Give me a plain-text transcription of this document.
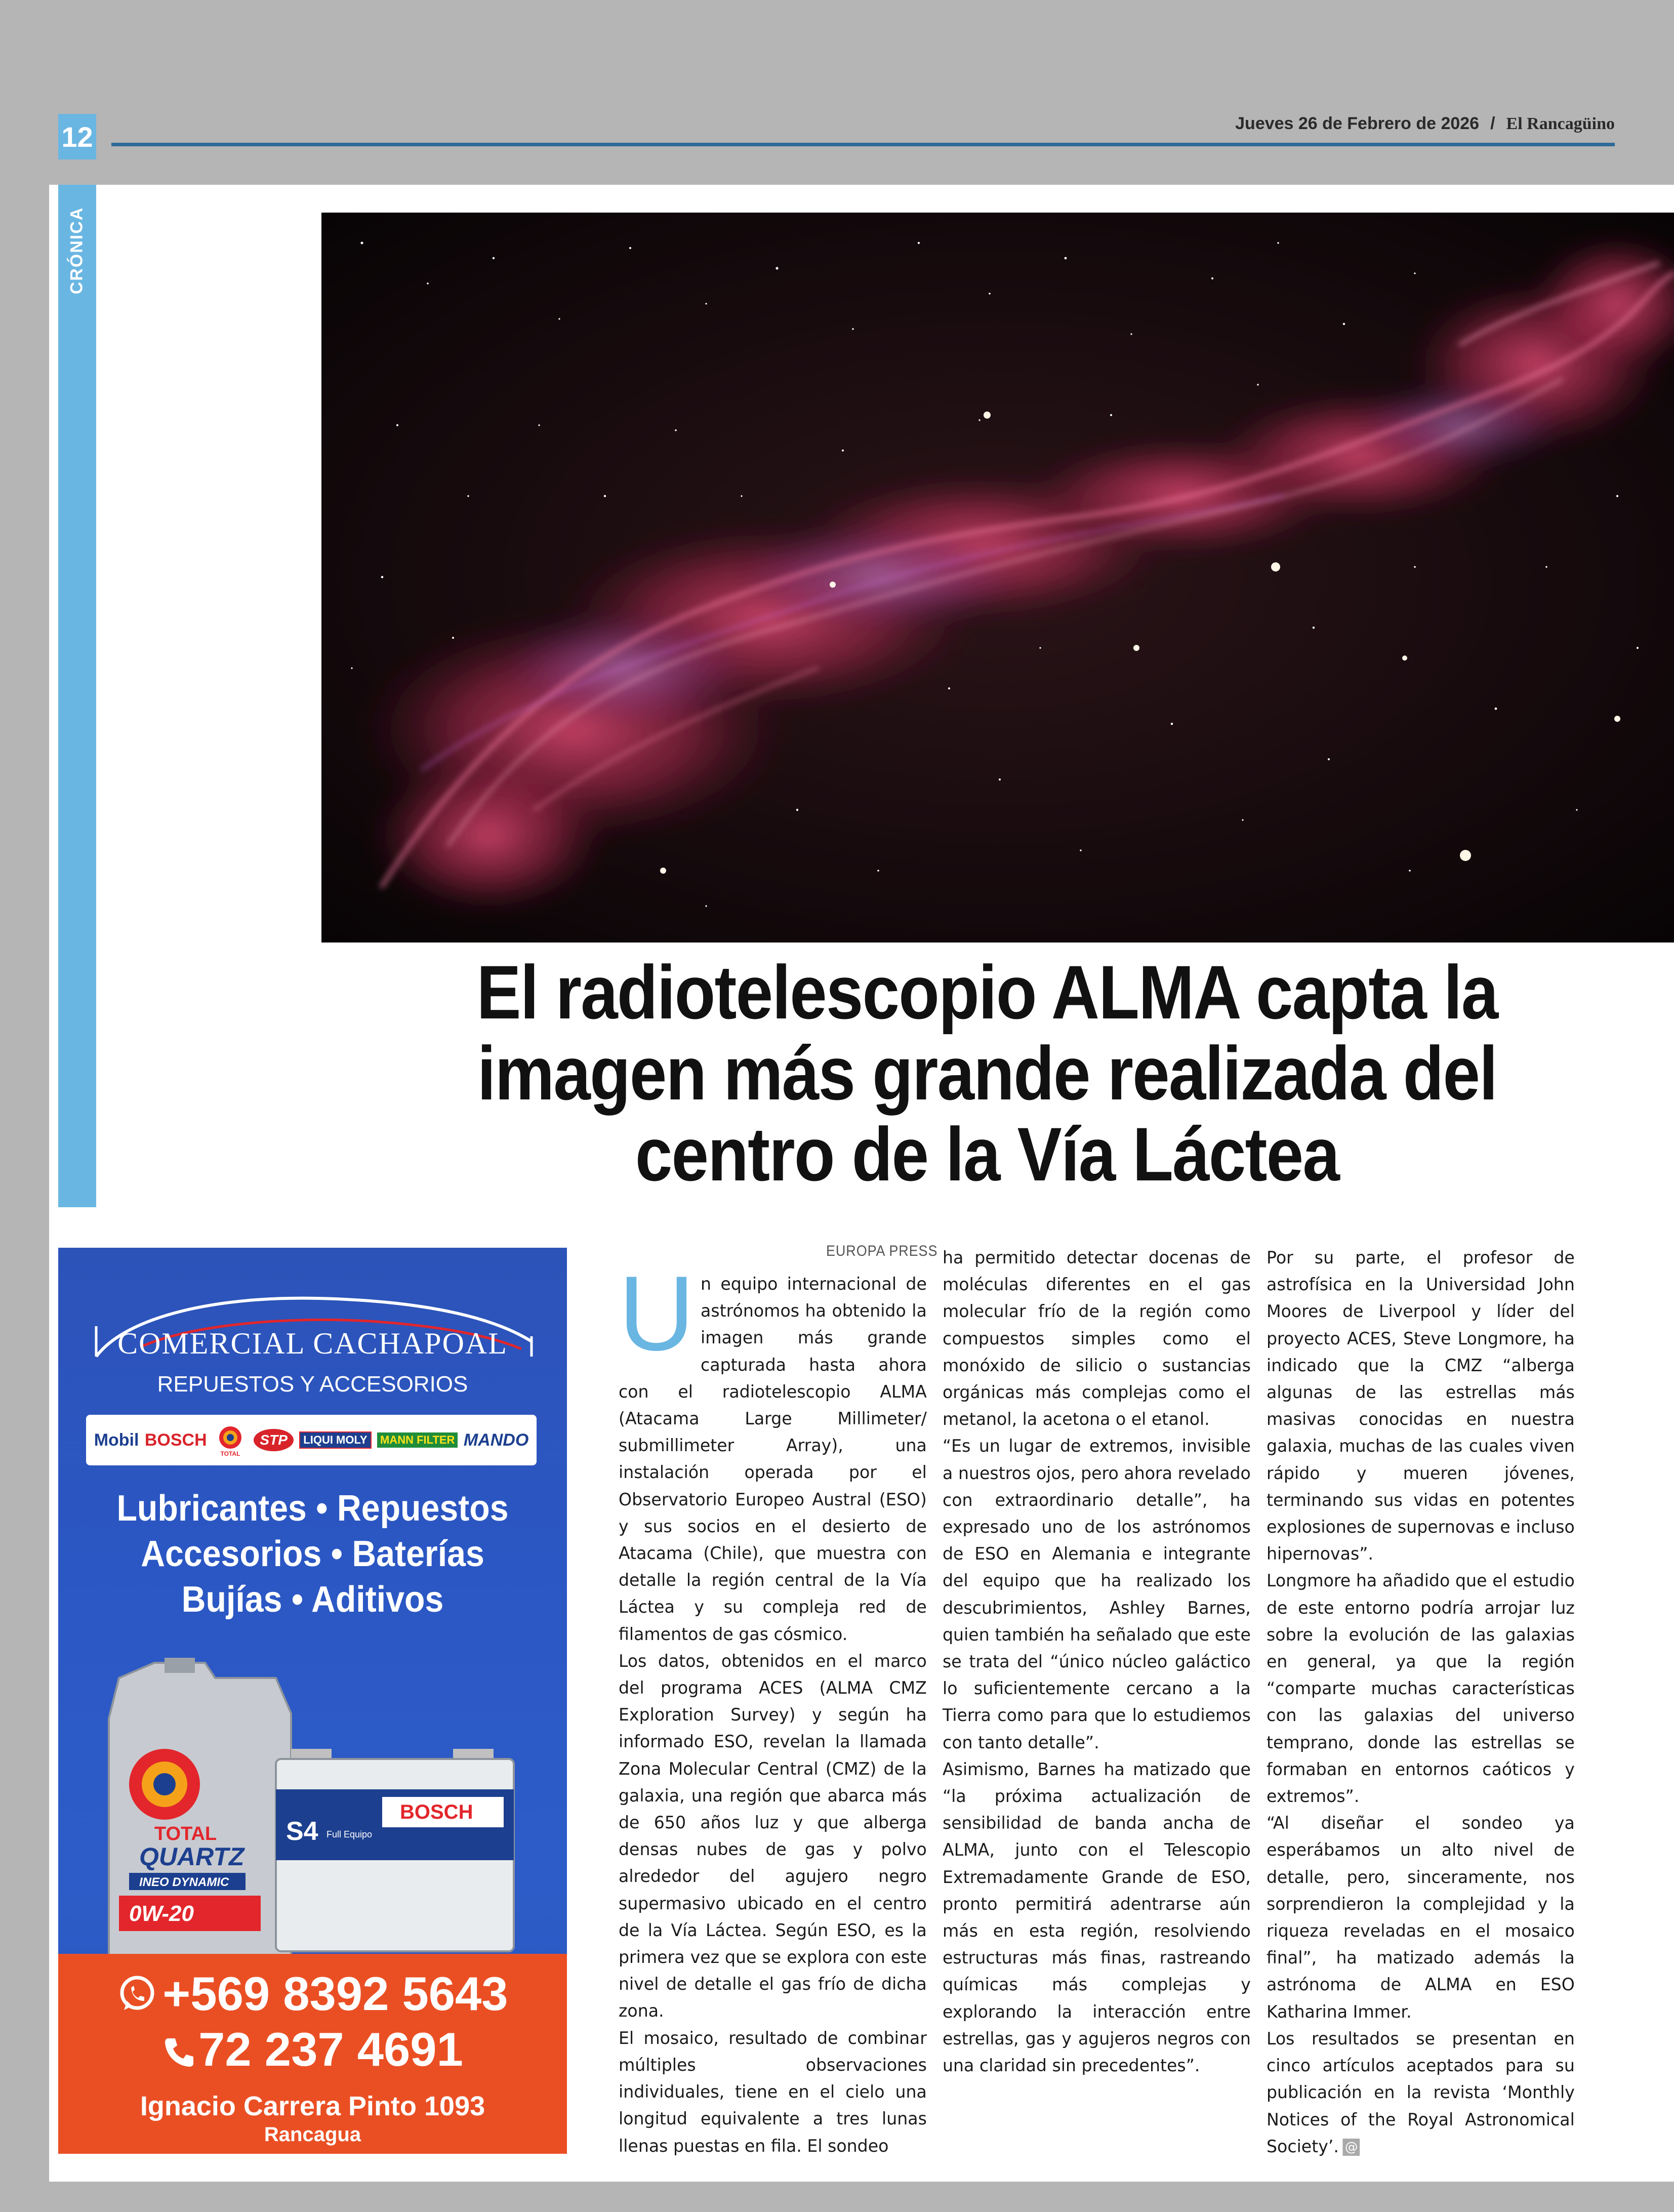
12	Jueves 26 de Febrero de 2026 / El Rancagüino
CRÓNICA
El radiotelescopio ALMA capta la imagen más grande realizada del centro de la Vía Láctea
COMERCIAL CACHAPOAL
REPUESTOS Y ACCESORIOS
Mobil BOSCH
TOTAL
STP	LIQUI MOLY	MANN FILTER MANDO
Lubricantes • Repuestos
Accesorios • Baterías
Bujías • Aditivos
TOTAL
QUARTZ
INEO DYNAMIC
0W-20
BOSCH
S4 Full Equipo
+569 8392 5643
72 237 4691
Ignacio Carrera Pinto 1093
Rancagua
EUROPA PRESS

Un equipo internacional de astrónomos ha obtenido la imagen más grande capturada hasta ahora con el radiotelescopio ALMA (Atacama Large Millimeter/ submillimeter Array), una instalación operada por el Observatorio Europeo Austral (ESO) y sus socios en el desierto de Atacama (Chile), que muestra con detalle la región central de la Vía Láctea y su compleja red de filamentos de gas cósmico.

Los datos, obtenidos en el marco del programa ACES (ALMA CMZ Exploration Survey) y según ha informado ESO, revelan la llamada Zona Molecular Central (CMZ) de la galaxia, una región que abarca más de 650 años luz y que alberga densas nubes de gas y polvo alrededor del agujero negro supermasivo ubicado en el centro de la Vía Láctea. Según ESO, es la primera vez que se explora con este nivel de detalle el gas frío de dicha zona.

El mosaico, resultado de combinar múltiples observaciones individuales, tiene en el cielo una longitud equivalente a tres lunas llenas puestas en fila. El sondeo

ha permitido detectar docenas de moléculas diferentes en el gas molecular frío de la región como compuestos simples como el monóxido de silicio o sustancias orgánicas más complejas como el metanol, la acetona o el etanol.

“Es un lugar de extremos, invisible a nuestros ojos, pero ahora revelado con extraordinario detalle”, ha expresado uno de los astrónomos de ESO en Alemania e integrante del equipo que ha realizado los descubrimientos, Ashley Barnes, quien también ha señalado que este se trata del “único núcleo galáctico lo suficientemente cercano a la Tierra como para que lo estudiemos con tanto detalle”.

Asimismo, Barnes ha matizado que “la próxima actualización de sensibilidad de banda ancha de ALMA, junto con el Telescopio Extremadamente Grande de ESO, pronto permitirá adentrarse aún más en esta región, resolviendo estructuras más finas, rastreando químicas más complejas y explorando la interacción entre estrellas, gas y agujeros negros con una claridad sin precedentes”.

Por su parte, el profesor de astrofísica en la Universidad John Moores de Liverpool y líder del proyecto ACES, Steve Longmore, ha indicado que la CMZ “alberga algunas de las estrellas más masivas conocidas en nuestra galaxia, muchas de las cuales viven rápido y mueren jóvenes, terminando sus vidas en potentes explosiones de supernovas e incluso hipernovas”.

Longmore ha añadido que el estudio de este entorno podría arrojar luz sobre la evolución de las galaxias en general, ya que la región “comparte muchas características con las galaxias del universo temprano, donde las estrellas se formaban en entornos caóticos y extremos”.

“Al diseñar el sondeo ya esperábamos un alto nivel de detalle, pero, sinceramente, nos sorprendieron la complejidad y la riqueza reveladas en el mosaico final”, ha matizado además la astrónoma de ALMA en ESO Katharina Immer.

Los resultados se presentan en cinco artículos aceptados para su publicación en la revista ‘Monthly Notices of the Royal Astronomical Society’. @
